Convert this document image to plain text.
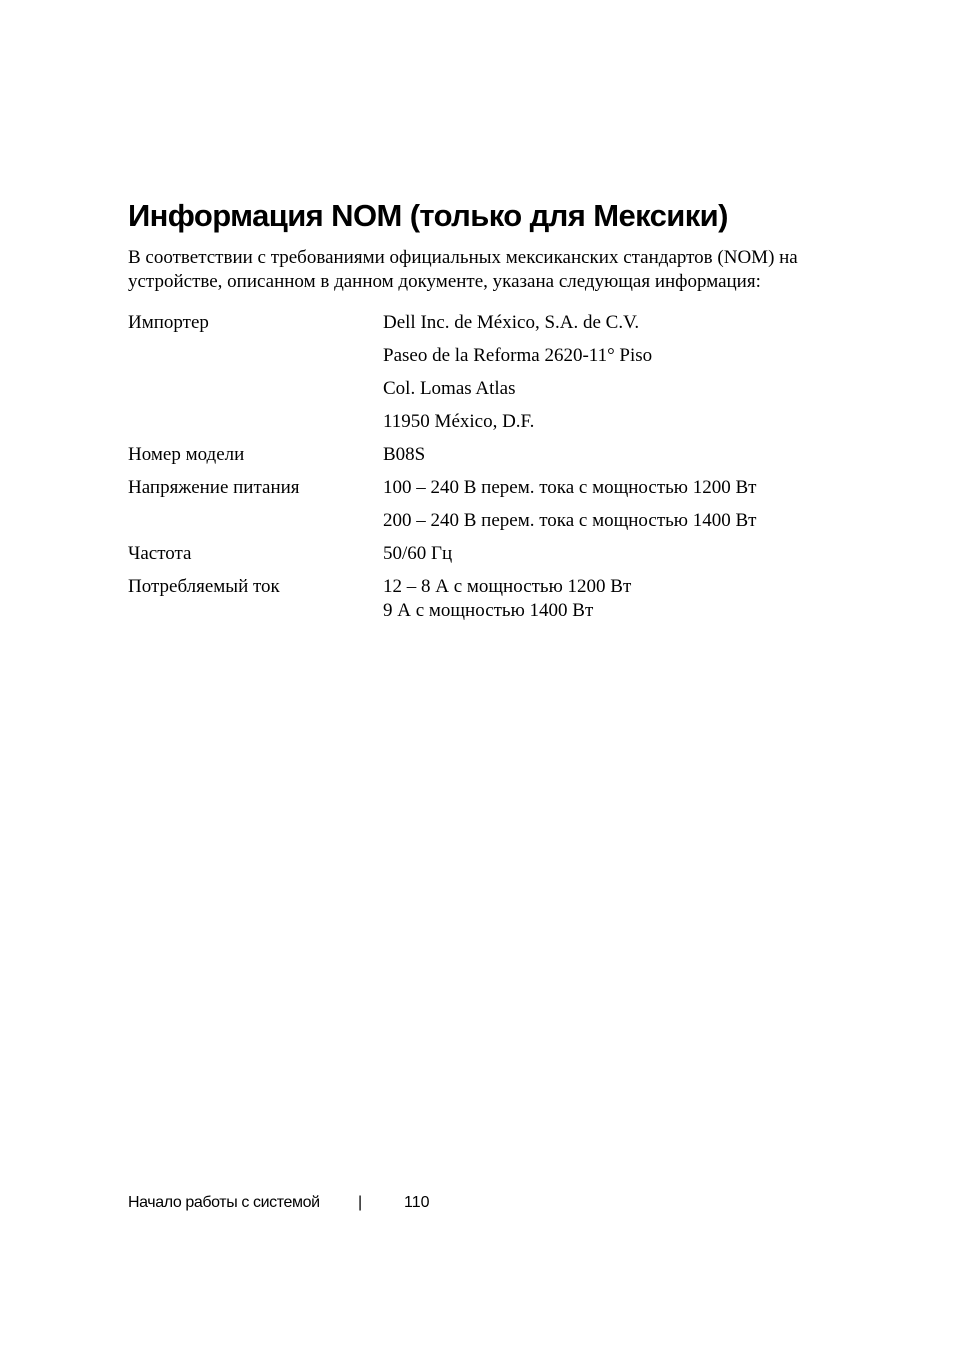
Информация NOM (только для Мексики)

В соответствии с требованиями официальных мексиканских стандартов (NOM) на
устройстве, описанном в данном документе, указана следующая информация:

Импортер	Dell Inc. de México, S.A. de C.V.
Paseo de la Reforma 2620-11° Piso
Col. Lomas Atlas
11950 México, D.F.
Номер модели	B08S
Напряжение питания	100 – 240 В перем. тока с мощностью 1200 Вт
200 – 240 В перем. тока с мощностью 1400 Вт
Частота	50/60 Гц
Потребляемый ток	12 – 8 А с мощностью 1200 Вт
9 А с мощностью 1400 Вт
Начало работы с системой |	110
